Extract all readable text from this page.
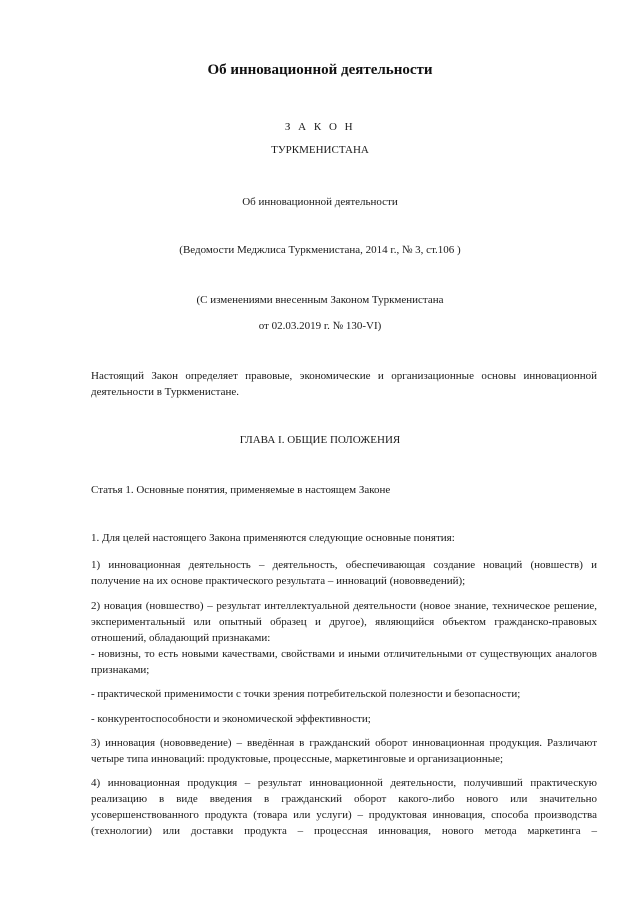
Об инновационной деятельности
З А К О Н
ТУРКМЕНИСТАНА
Об инновационной деятельности
(Ведомости Меджлиса Туркменистана, 2014 г., № 3, ст.106 )
(С изменениями внесенным Законом Туркменистана
от 02.03.2019 г. № 130-VI)
Настоящий Закон определяет правовые, экономические и организационные основы инновационной деятельности в Туркменистане.
ГЛАВА I. ОБЩИЕ ПОЛОЖЕНИЯ
Статья 1. Основные понятия, применяемые в настоящем Законе
1. Для целей настоящего Закона применяются следующие основные понятия:
1) инновационная деятельность – деятельность, обеспечивающая создание новаций (новшеств) и получение на их основе практического результата – инноваций (нововведений);
2) новация (новшество) – результат интеллектуальной деятельности (новое знание, техническое решение, экспериментальный или опытный образец и другое), являющийся объектом гражданско-правовых отношений, обладающий признаками:
- новизны, то есть новыми качествами, свойствами и иными отличительными от существующих аналогов признаками;
- практической применимости с точки зрения потребительской полезности и безопасности;
- конкурентоспособности и экономической эффективности;
3) инновация (нововведение) – введённая в гражданский оборот инновационная продукция. Различают четыре типа инноваций: продуктовые, процессные, маркетинговые и организационные;
4) инновационная продукция – результат инновационной деятельности, получивший практическую реализацию в виде введения в гражданский оборот какого-либо нового или значительно усовершенствованного продукта (товара или услуги) – продуктовая инновация, способа производства (технологии) или доставки продукта – процессная инновация, нового метода маркетинга –
